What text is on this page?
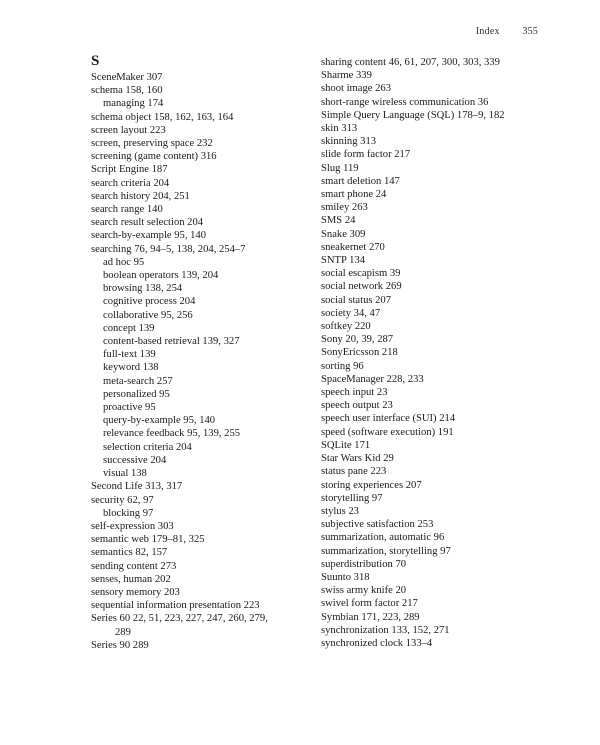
Index 355
S
SceneMaker 307
schema 158, 160
managing 174
schema object 158, 162, 163, 164
screen layout 223
screen, preserving space 232
screening (game content) 316
Script Engine 187
search criteria 204
search history 204, 251
search range 140
search result selection 204
search-by-example 95, 140
searching 76, 94–5, 138, 204, 254–7
ad hoc 95
boolean operators 139, 204
browsing 138, 254
cognitive process 204
collaborative 95, 256
concept 139
content-based retrieval 139, 327
full-text 139
keyword 138
meta-search 257
personalized 95
proactive 95
query-by-example 95, 140
relevance feedback 95, 139, 255
selection criteria 204
successive 204
visual 138
Second Life 313, 317
security 62, 97
blocking 97
self-expression 303
semantic web 179–81, 325
semantics 82, 157
sending content 273
senses, human 202
sensory memory 203
sequential information presentation 223
Series 60 22, 51, 223, 227, 247, 260, 279,
289
Series 90 289
sharing content 46, 61, 207, 300, 303, 339
Sharme 339
shoot image 263
short-range wireless communication 36
Simple Query Language (SQL) 178–9, 182
skin 313
skinning 313
slide form factor 217
Slug 119
smart deletion 147
smart phone 24
smiley 263
SMS 24
Snake 309
sneakernet 270
SNTP 134
social escapism 39
social network 269
social status 207
society 34, 47
softkey 220
Sony 20, 39, 287
SonyEricsson 218
sorting 96
SpaceManager 228, 233
speech input 23
speech output 23
speech user interface (SUI) 214
speed (software execution) 191
SQLite 171
Star Wars Kid 29
status pane 223
storing experiences 207
storytelling 97
stylus 23
subjective satisfaction 253
summarization, automatic 96
summarization, storytelling 97
superdistribution 70
Suunto 318
swiss army knife 20
swivel form factor 217
Symbian 171, 223, 289
synchronization 133, 152, 271
synchronized clock 133–4
